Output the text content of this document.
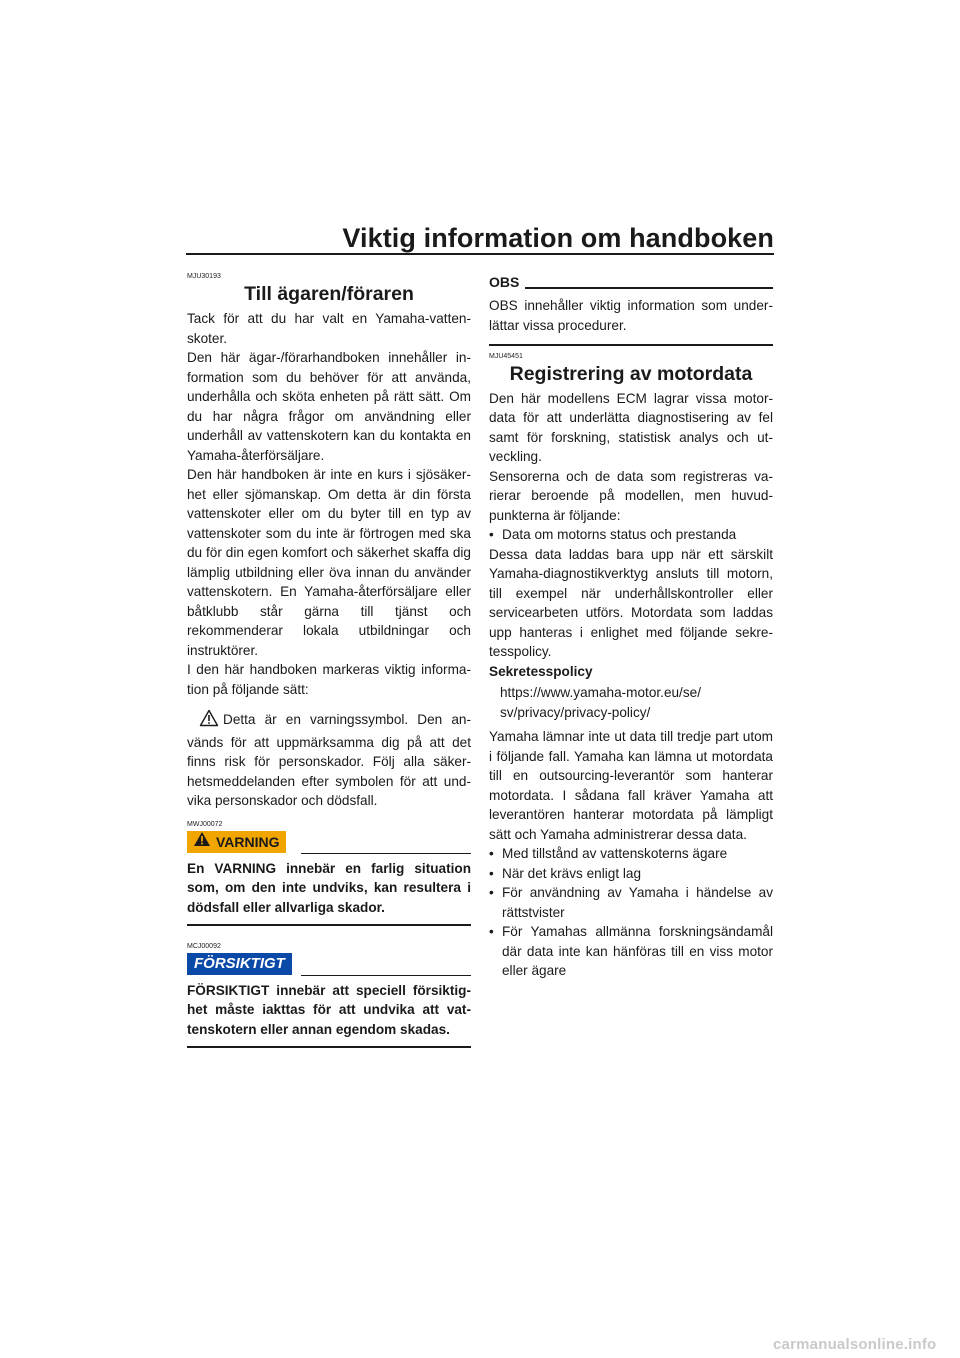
Viktig information om handboken
MJU30193
Till ägaren/föraren

Tack för att du har valt en Yamaha-vattenskoter.

Den här ägar-/förarhandboken innehåller information som du behöver för att använda, underhålla och sköta enheten på rätt sätt. Om du har några frågor om användning eller underhåll av vattenskotern kan du kontakta en Yamaha-återförsäljare.

Den här handboken är inte en kurs i sjösäkerhet eller sjömanskap. Om detta är din första vattenskoter eller om du byter till en typ av vattenskoter som du inte är förtrogen med ska du för din egen komfort och säkerhet skaffa dig lämplig utbildning eller öva innan du använder vattenskotern. En Yamaha-återförsäljare eller båtklubb står gärna till tjänst och rekommenderar lokala utbildningar och instruktörer.

I den här handboken markeras viktig information på följande sätt:

Detta är en varningssymbol. Den används för att uppmärksamma dig på att det finns risk för personskador. Följ alla säkerhetsmeddelanden efter symbolen för att undvika personskador och dödsfall.

MWJ00072
VARNING
En VARNING innebär en farlig situation som, om den inte undviks, kan resultera i dödsfall eller allvarliga skador.
MCJ00092
FÖRSIKTIGT
FÖRSIKTIGT innebär att speciell försiktighet måste iakttas för att undvika att vattenskotern eller annan egendom skadas.
OBS

OBS innehåller viktig information som underlättar vissa procedurer.

MJU45451
Registrering av motordata

Den här modellens ECM lagrar vissa motordata för att underlätta diagnostisering av fel samt för forskning, statistisk analys och utveckling.

Sensorerna och de data som registreras varierar beroende på modellen, men huvudpunkterna är följande:

• Data om motorns status och prestanda

Dessa data laddas bara upp när ett särskilt Yamaha-diagnostikverktyg ansluts till motorn, till exempel när underhållskontroller eller servicearbeten utförs. Motordata som laddas upp hanteras i enlighet med följande sekretesspolicy.

Sekretesspolicy
https://www.yamaha-motor.eu/se/
sv/privacy/privacy-policy/

Yamaha lämnar inte ut data till tredje part utom i följande fall. Yamaha kan lämna ut motordata till en outsourcing-leverantör som hanterar motordata. I sådana fall kräver Yamaha att leverantören hanterar motordata på lämpligt sätt och Yamaha administrerar dessa data.

• Med tillstånd av vattenskoterns ägare
• När det krävs enligt lag
• För användning av Yamaha i händelse av rättstvister
• För Yamahas allmänna forskningsändamål där data inte kan hänföras till en viss motor eller ägare
carmanualsonline.info
